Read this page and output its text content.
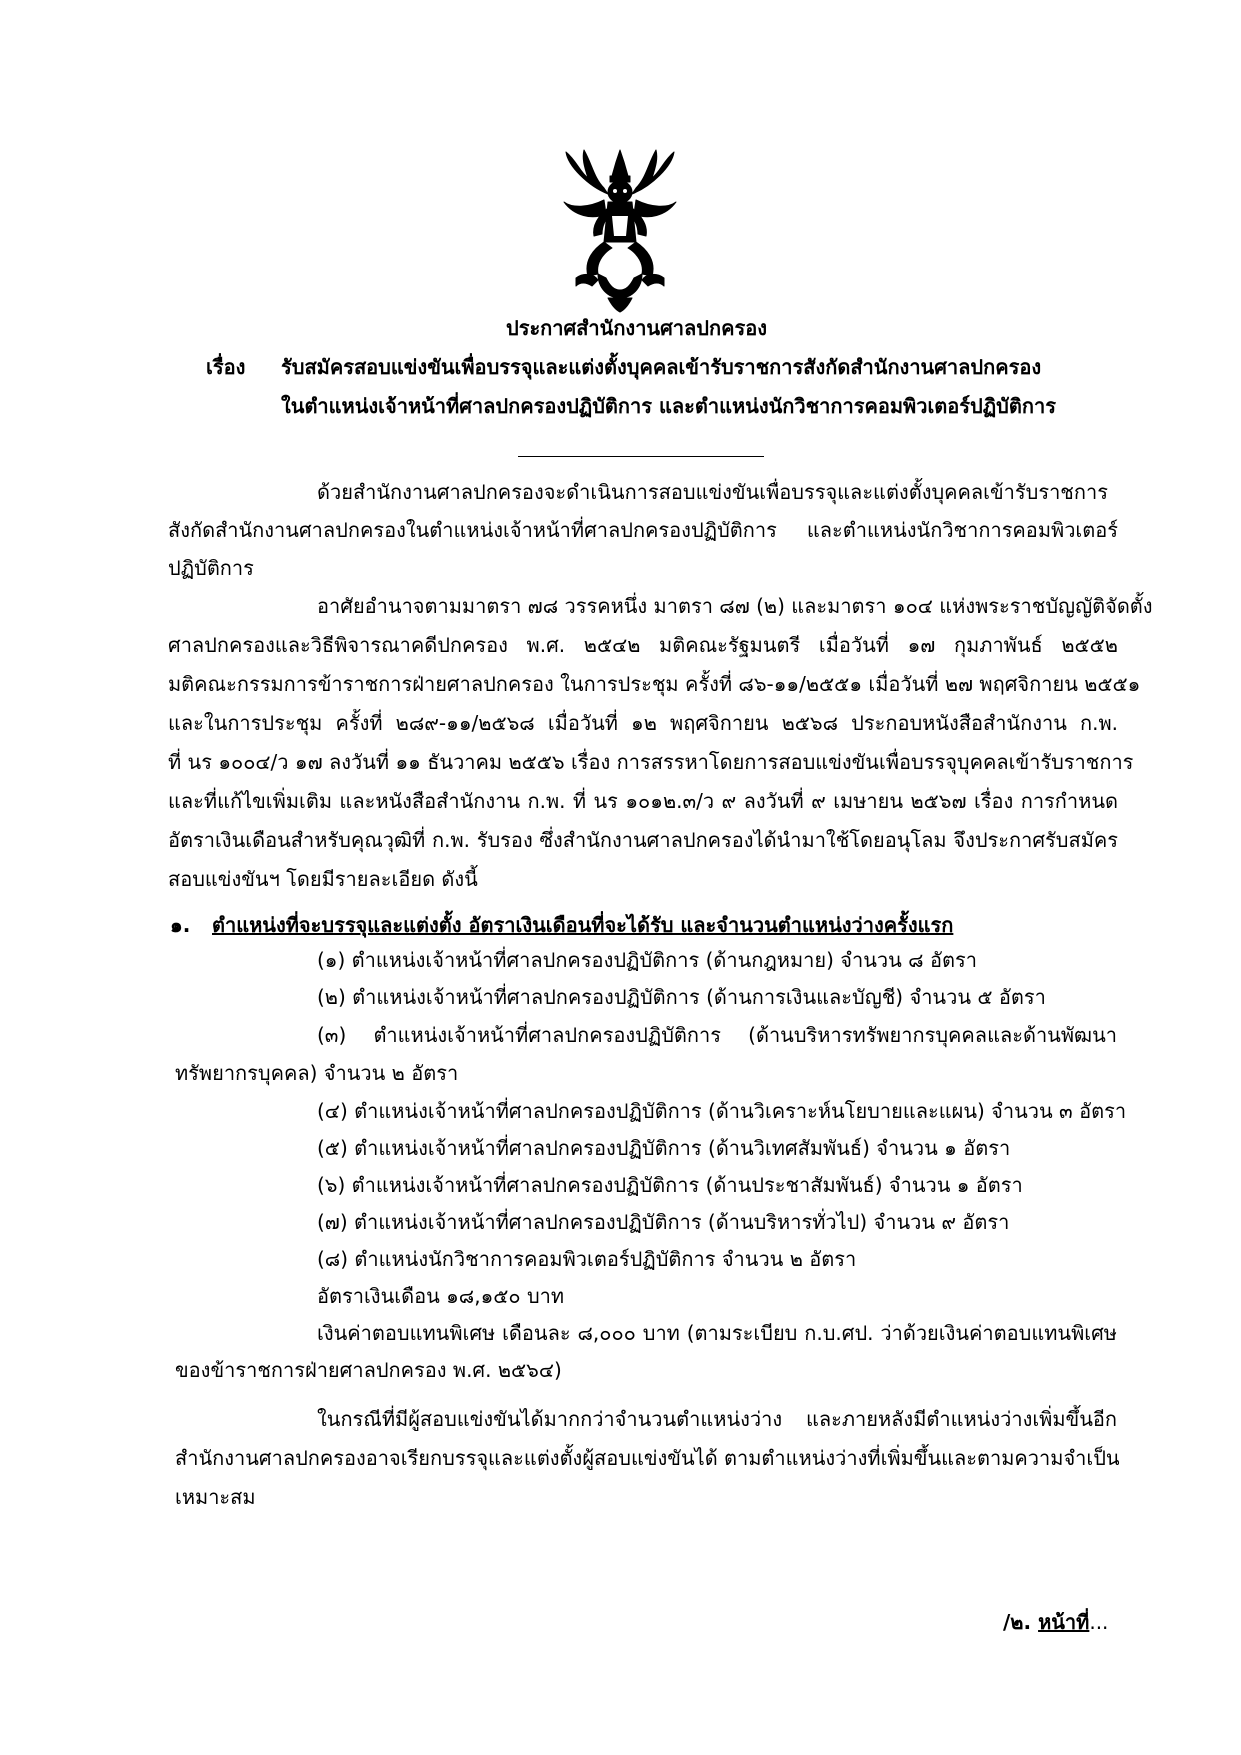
ประกาศสำนักงานศาลปกครอง
เรื่อง รับสมัครสอบแข่งขันเพื่อบรรจุและแต่งตั้งบุคคลเข้ารับราชการสังกัดสำนักงานศาลปกครอง
ในตำแหน่งเจ้าหน้าที่ศาลปกครองปฏิบัติการ และตำแหน่งนักวิชาการคอมพิวเตอร์ปฏิบัติการ
ด้วยสำนักงานศาลปกครองจะดำเนินการสอบแข่งขันเพื่อบรรจุและแต่งตั้งบุคคลเข้ารับราชการ
สังกัดสำนักงานศาลปกครองในตำแหน่งเจ้าหน้าที่ศาลปกครองปฏิบัติการ และตำแหน่งนักวิชาการคอมพิวเตอร์
ปฏิบัติการ
อาศัยอำนาจตามมาตรา ๗๘ วรรคหนึ่ง มาตรา ๘๗ (๒) และมาตรา ๑๐๔ แห่งพระราชบัญญัติจัดตั้ง
ศาลปกครองและวิธีพิจารณาคดีปกครอง พ.ศ. ๒๕๔๒ มติคณะรัฐมนตรี เมื่อวันที่ ๑๗ กุมภาพันธ์ ๒๕๕๒
มติคณะกรรมการข้าราชการฝ่ายศาลปกครอง ในการประชุม ครั้งที่ ๘๖-๑๑/๒๕๕๑ เมื่อวันที่ ๒๗ พฤศจิกายน ๒๕๕๑
และในการประชุม ครั้งที่ ๒๘๙-๑๑/๒๕๖๘ เมื่อวันที่ ๑๒ พฤศจิกายน ๒๕๖๘ ประกอบหนังสือสำนักงาน ก.พ.
ที่ นร ๑๐๐๔/ว ๑๗ ลงวันที่ ๑๑ ธันวาคม ๒๕๕๖ เรื่อง การสรรหาโดยการสอบแข่งขันเพื่อบรรจุบุคคลเข้ารับราชการ
และที่แก้ไขเพิ่มเติม และหนังสือสำนักงาน ก.พ. ที่ นร ๑๐๑๒.๓/ว ๙ ลงวันที่ ๙ เมษายน ๒๕๖๗ เรื่อง การกำหนด
อัตราเงินเดือนสำหรับคุณวุฒิที่ ก.พ. รับรอง ซึ่งสำนักงานศาลปกครองได้นำมาใช้โดยอนุโลม จึงประกาศรับสมัคร
สอบแข่งขันฯ โดยมีรายละเอียด ดังนี้
๑. ตำแหน่งที่จะบรรจุและแต่งตั้ง อัตราเงินเดือนที่จะได้รับ และจำนวนตำแหน่งว่างครั้งแรก
(๑) ตำแหน่งเจ้าหน้าที่ศาลปกครองปฏิบัติการ (ด้านกฎหมาย) จำนวน ๘ อัตรา
(๒) ตำแหน่งเจ้าหน้าที่ศาลปกครองปฏิบัติการ (ด้านการเงินและบัญชี) จำนวน ๕ อัตรา
(๓) ตำแหน่งเจ้าหน้าที่ศาลปกครองปฏิบัติการ (ด้านบริหารทรัพยากรบุคคลและด้านพัฒนา
ทรัพยากรบุคคล) จำนวน ๒ อัตรา
(๔) ตำแหน่งเจ้าหน้าที่ศาลปกครองปฏิบัติการ (ด้านวิเคราะห์นโยบายและแผน) จำนวน ๓ อัตรา
(๕) ตำแหน่งเจ้าหน้าที่ศาลปกครองปฏิบัติการ (ด้านวิเทศสัมพันธ์) จำนวน ๑ อัตรา
(๖) ตำแหน่งเจ้าหน้าที่ศาลปกครองปฏิบัติการ (ด้านประชาสัมพันธ์) จำนวน ๑ อัตรา
(๗) ตำแหน่งเจ้าหน้าที่ศาลปกครองปฏิบัติการ (ด้านบริหารทั่วไป) จำนวน ๙ อัตรา
(๘) ตำแหน่งนักวิชาการคอมพิวเตอร์ปฏิบัติการ จำนวน ๒ อัตรา
อัตราเงินเดือน ๑๘,๑๕๐ บาท
เงินค่าตอบแทนพิเศษ เดือนละ ๘,๐๐๐ บาท (ตามระเบียบ ก.บ.ศป. ว่าด้วยเงินค่าตอบแทนพิเศษ
ของข้าราชการฝ่ายศาลปกครอง พ.ศ. ๒๕๖๔)
ในกรณีที่มีผู้สอบแข่งขันได้มากกว่าจำนวนตำแหน่งว่าง และภายหลังมีตำแหน่งว่างเพิ่มขึ้นอีก
สำนักงานศาลปกครองอาจเรียกบรรจุและแต่งตั้งผู้สอบแข่งขันได้ ตามตำแหน่งว่างที่เพิ่มขึ้นและตามความจำเป็น
เหมาะสม
/๒. หน้าที่...
